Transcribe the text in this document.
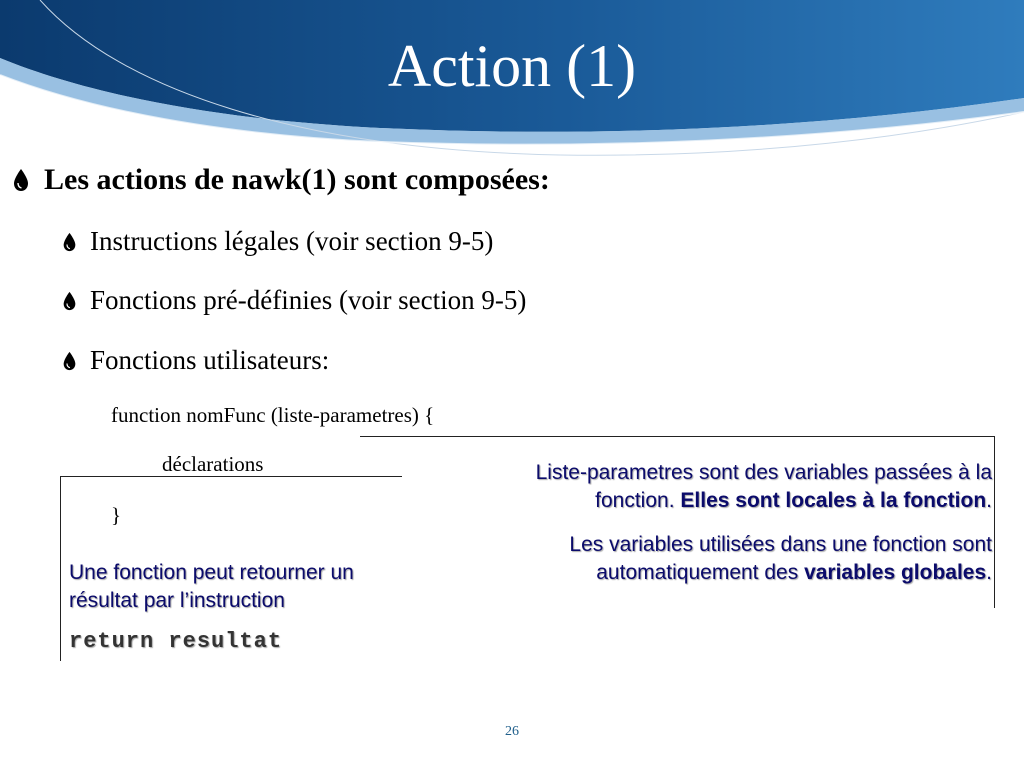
Action (1)
Les actions de nawk(1) sont composées:
Instructions légales (voir section 9-5)
Fonctions pré-définies (voir section 9-5)
Fonctions utilisateurs:
function nomFunc (liste-parametres) {
déclarations
}
Une fonction peut retourner un résultat par l’instruction
return resultat

Liste-parametres sont des variables passées à la fonction. Elles sont locales à la fonction.

Les variables utilisées dans une fonction sont automatiquement des variables globales.

26
